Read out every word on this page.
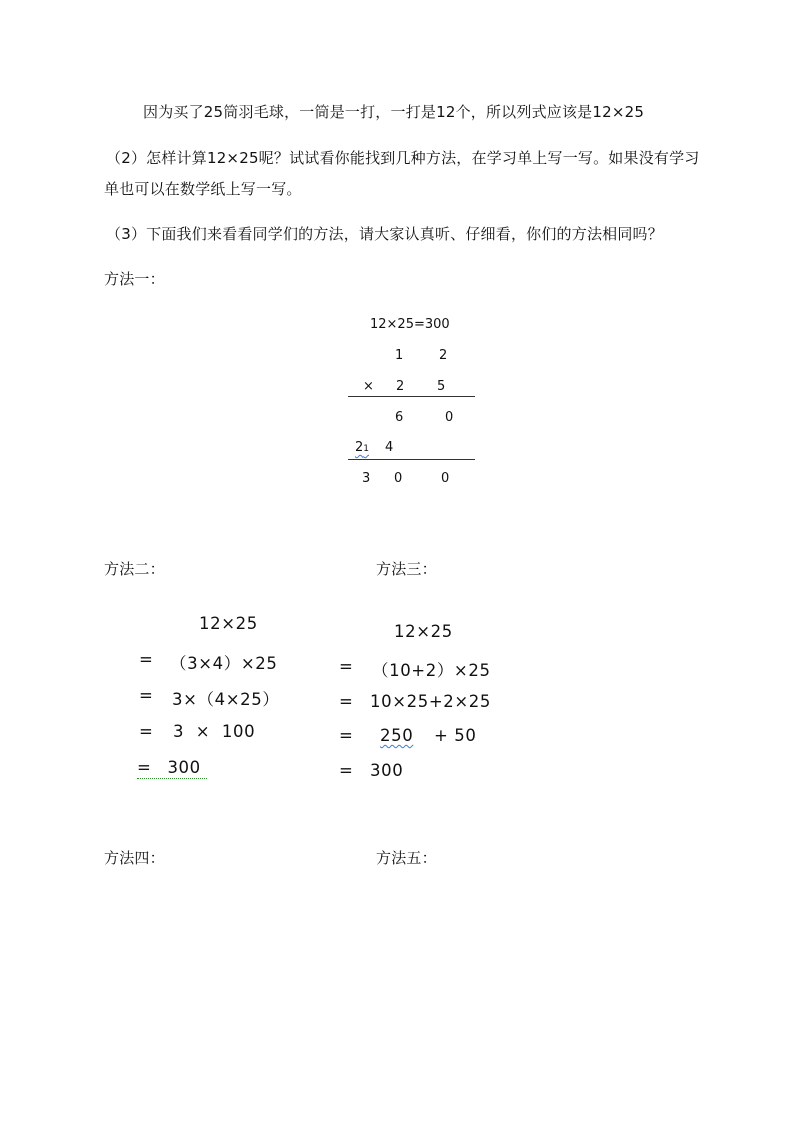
因为买了25筒羽毛球，一筒是一打，一打是12个，所以列式应该是12×25
（2）怎样计算12×25呢？试试看你能找到几种方法，在学习单上写一写。如果没有学习
单也可以在数学纸上写一写。
（3）下面我们来看看同学们的方法，请大家认真听、仔细看，你们的方法相同吗？
方法一：
12×25=300
1	2
× 2	5
6	0
21 4
3 0	0
方法二：	方法三：
12×25
= （3×4）×25
= 3×（4×25）
= 3  ×  100
= 300
12×25
= （10+2）×25
= 10×25+2×25
= 250 + 50
= 300
方法四：	方法五：
